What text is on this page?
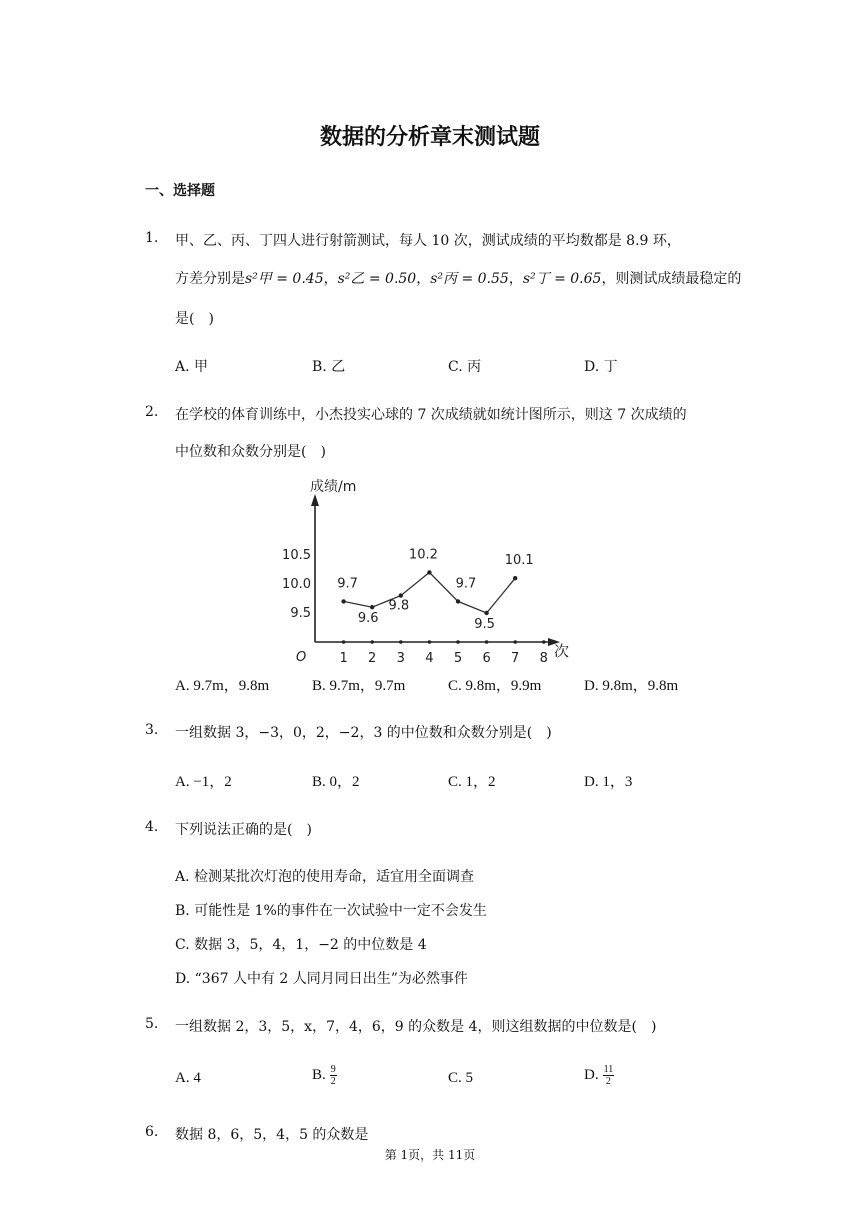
数据的分析章末测试题
一、选择题
1. 甲、乙、丙、丁四人进行射箭测试，每人 10 次，测试成绩的平均数都是 8.9 环，
方差分别是s²甲 = 0.45，s²乙 = 0.50，s²丙 = 0.55，s²丁 = 0.65，则测试成绩最稳定的
是(　)
A. 甲	B. 乙	C. 丙	D. 丁
2. 在学校的体育训练中，小杰投实心球的 7 次成绩就如统计图所示，则这 7 次成绩的
中位数和众数分别是(　)
成绩/m
次
O	1 2 3 4 5 6 7 8
9.5
10.0
10.5
9.7
9.6
9.8
10.2
9.7
9.5
10.1
A. 9.7m，9.8m	B. 9.7m，9.7m	C. 9.8m，9.9m	D. 9.8m，9.8m
3. 一组数据 3，−3，0，2，−2，3 的中位数和众数分别是(　)
A. −1，2	B. 0，2	C. 1，2	D. 1，3
4. 下列说法正确的是(　)
A. 检测某批次灯泡的使用寿命，适宜用全面调查
B. 可能性是 1%的事件在一次试验中一定不会发生
C. 数据 3，5，4，1，−2 的中位数是 4
D. “367 人中有 2 人同月同日出生”为必然事件
5. 一组数据 2，3，5，x，7，4，6，9 的众数是 4，则这组数据的中位数是(　)
A. 4	B. $\frac{9}{2}$	C. 5	D. $\frac{11}{2}$
6. 数据 8，6，5，4，5 的众数是
第 1页，共 11页
